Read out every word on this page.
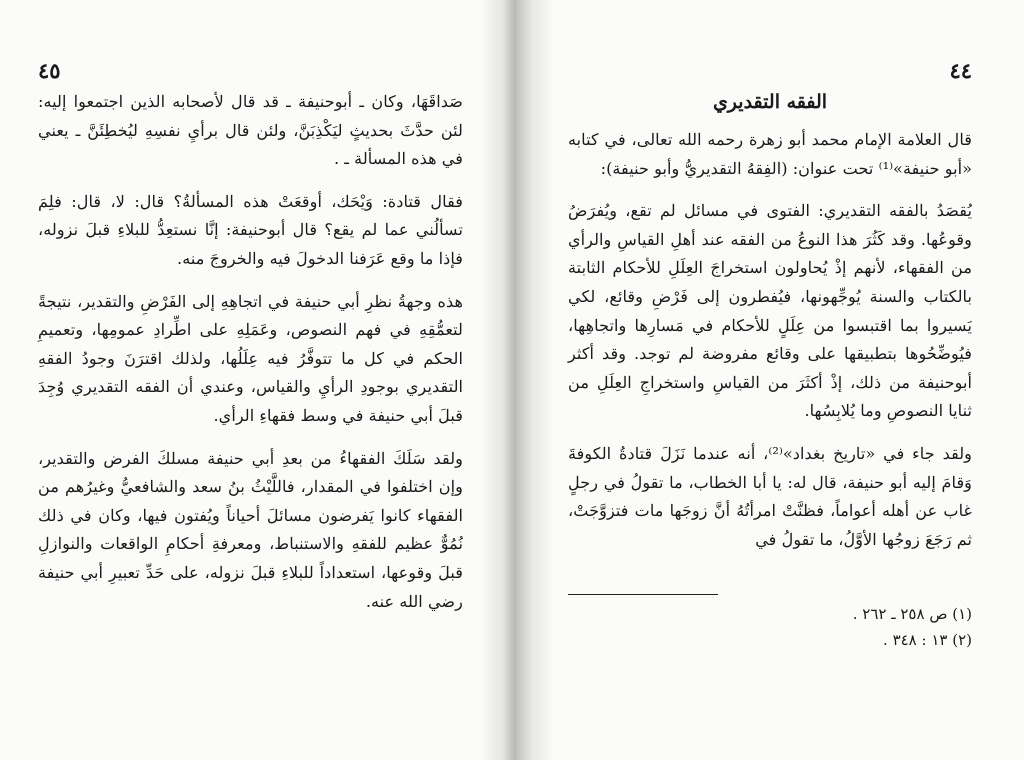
٤٥

صَداقَهَا، وكان ـ أبوحنيفة ـ قد قال لأصحابه الذين اجتمعوا إليه: لئن حدَّثَ بحديثٍ ليَكْذِبَنَّ، ولئن قال برأيِ نفسِهِ ليُخطِئَنَّ ـ يعني في هذه المسألة ـ .

فقال قتادة: وَيْحَك، أوقعَتْ هذه المسألةُ؟ قال: لا، قال: فلِمَ تسألُني عما لم يقع؟ قال أبوحنيفة: إنَّا نستعِدُّ للبلاءِ قبلَ نزوله، فإذا ما وقع عَرَفنا الدخولَ فيه والخروجَ منه.

هذه وجهةُ نظرِ أبي حنيفة في اتجاهِهِ إلى الفَرْضِ والتقدير، نتيجةً لتعمُّقِهِ في فهم النصوص، وعَمَلِهِ على اطِّرادِ عمومِها، وتعميمِ الحكم في كل ما تتوفَّرُ فيه عِلَلُها، ولذلك اقترَنَ وجودُ الفقهِ التقديري بوجودِ الرأيِ والقياس، وعندي أن الفقه التقديري وُجِدَ قبلَ أبي حنيفة في وسط فقهاءِ الرأي.

ولقد سَلَكَ الفقهاءُ من بعدِ أبي حنيفة مسلكَ الفرض والتقدير، وإن اختلفوا في المقدار، فاللَّيْثُ بنُ سعد والشافعيُّ وغيرُهم من الفقهاء كانوا يَفرضون مسائلَ أحياناً ويُفتون فيها، وكان في ذلك نُمُوٌّ عظيم للفقهِ والاستنباط، ومعرفةِ أحكامِ الواقعات والنوازلِ قبلَ وقوعها، استعداداً للبلاءِ قبلَ نزوله، على حَدِّ تعبيرِ أبي حنيفة رضي الله عنه.

٤٤
الفقه التقديري

قال العلامة الإمام محمد أبو زهرة رحمه الله تعالى، في كتابه «أبو حنيفة»⁽¹⁾ تحت عنوان: (الفِقهُ التقديريُّ وأبو حنيفة):

يُقصَدُ بالفقه التقديري: الفتوى في مسائل لم تقع، ويُفرَضُ وقوعُها. وقد كَثُرَ هذا النوعُ من الفقه عند أهلِ القياسِ والرأي من الفقهاء، لأنهم إذْ يُحاولون استخراجَ العِلَلِ للأحكام الثابتة بالكتاب والسنة يُوجِّهونها، فيُفطرون إلى فَرْضِ وقائع، لكي يَسيروا بما اقتبسوا من عِلَلٍ للأحكام في مَسارِها واتجاهِها، فيُوضِّحُوها بتطبيقها على وقائع مفروضة لم توجد. وقد أكثر أبوحنيفة من ذلك، إذْ أكثَرَ من القياسِ واستخراجِ العِلَلِ من ثنايا النصوصِ وما يُلابِسُها.

ولقد جاء في «تاريخ بغداد»⁽²⁾، أنه عندما نَزَلَ قتادةُ الكوفةَ وَقامَ إليه أبو حنيفة، قال له: يا أبا الخطاب، ما تقولُ في رجلٍ غاب عن أهله أعواماً، فظنَّتْ امرأتُهُ أنَّ زوجَها مات فتزوَّجَتْ، ثم رَجَعَ زوجُها الأوَّلُ، ما تقولُ في

(١) ص ٢٥٨ ـ ٢٦٢ .
(٢) ١٣ : ٣٤٨ .
